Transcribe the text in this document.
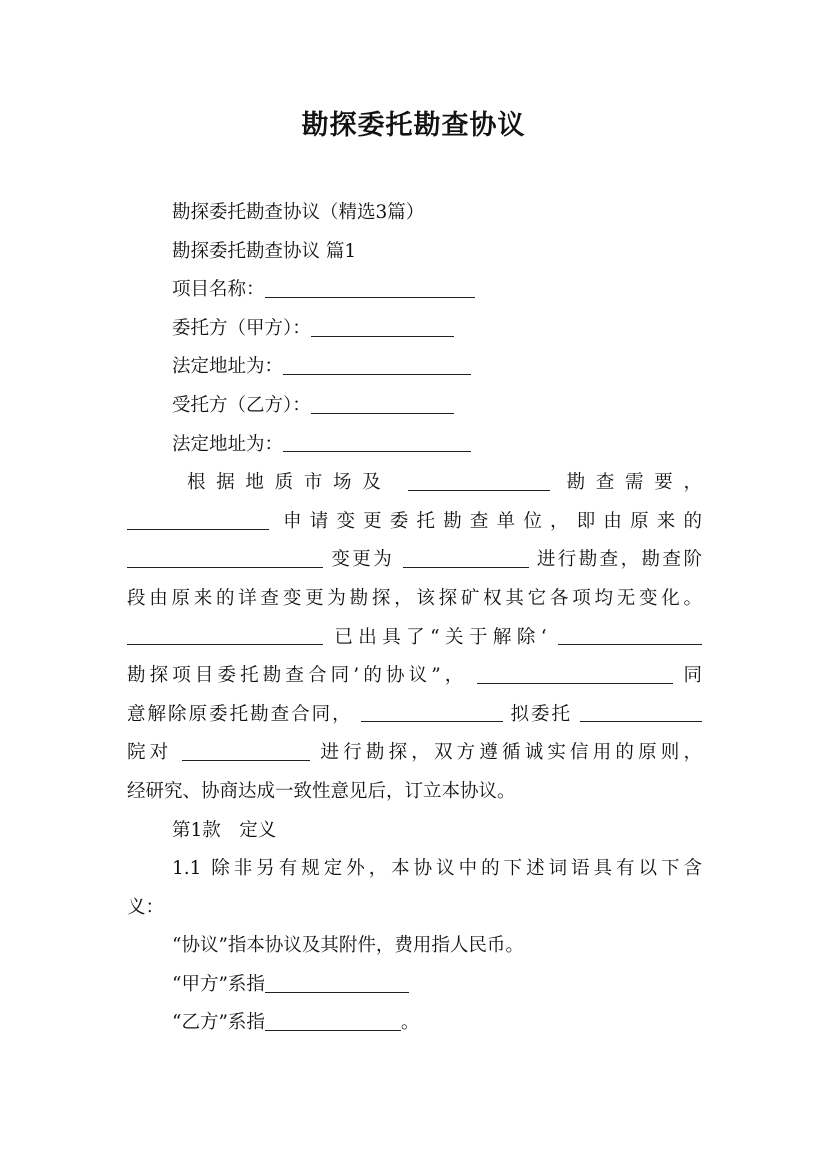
勘探委托勘查协议
勘探委托勘查协议（精选3篇）
勘探委托勘查协议 篇1
项目名称：
委托方（甲方）：
法定地址为：
受托方（乙方）：
法定地址为：
根据地质市场及	勘查需要，
申请变更委托勘查单位，即由原来的
变更为	进行勘查，勘查阶
段由原来的详查变更为勘探，该探矿权其它各项均无变化。
已出具了“关于解除‘
勘探项目委托勘查合同’的协议”，	同
意解除原委托勘查合同，	拟委托
院对	进行勘探，双方遵循诚实信用的原则，
经研究、协商达成一致性意见后，订立本协议。
第1款　定义
1.1 除非另有规定外，本协议中的下述词语具有以下含
义：
“协议”指本协议及其附件，费用指人民币。
“甲方”系指
“乙方”系指	。
